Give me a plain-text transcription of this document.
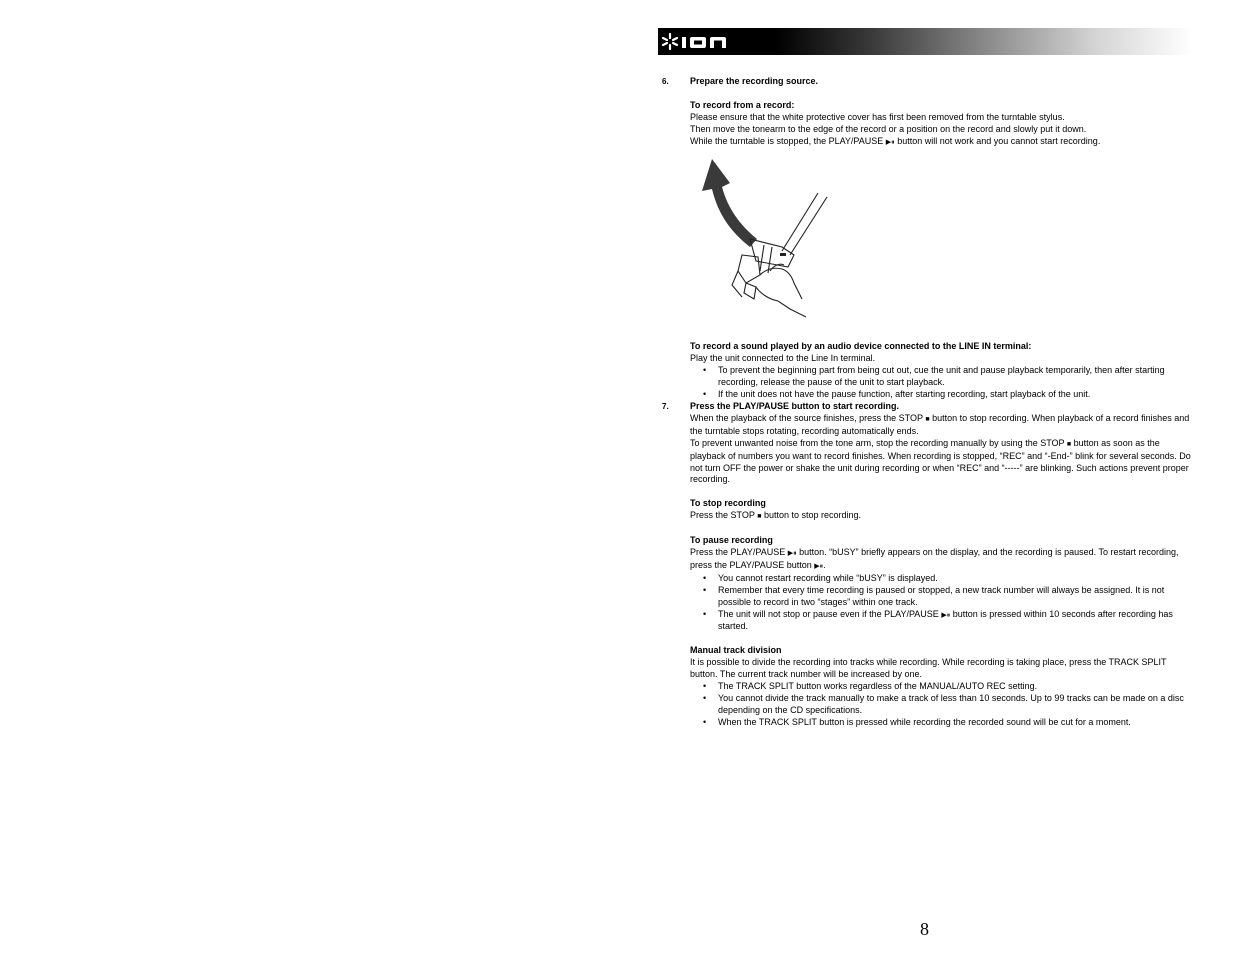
6. Prepare the recording source.
To record from a record:
Please ensure that the white protective cover has first been removed from the turntable stylus.
Then move the tonearm to the edge of the record or a position on the record and slowly put it down.
While the turntable is stopped, the PLAY/PAUSE ▶⏸ button will not work and you cannot start recording.
To record a sound played by an audio device connected to the LINE IN terminal:
Play the unit connected to the Line In terminal.
• To prevent the beginning part from being cut out, cue the unit and pause playback temporarily, then after starting recording, release the pause of the unit to start playback.
• If the unit does not have the pause function, after starting recording, start playback of the unit.
7. Press the PLAY/PAUSE button to start recording.
When the playback of the source finishes, press the STOP ■ button to stop recording. When playback of a record finishes and the turntable stops rotating, recording automatically ends.
To prevent unwanted noise from the tone arm, stop the recording manually by using the STOP ■ button as soon as the playback of numbers you want to record finishes. When recording is stopped, “REC” and “-End-” blink for several seconds. Do not turn OFF the power or shake the unit during recording or when “REC” and “-----” are blinking. Such actions prevent proper recording.
To stop recording
Press the STOP ■ button to stop recording.
To pause recording
Press the PLAY/PAUSE ▶⏸ button. “bUSY” briefly appears on the display, and the recording is paused. To restart recording, press the PLAY/PAUSE button ▶⏸.
• You cannot restart recording while “bUSY” is displayed.
• Remember that every time recording is paused or stopped, a new track number will always be assigned. It is not possible to record in two “stages” within one track.
• The unit will not stop or pause even if the PLAY/PAUSE ▶⏸ button is pressed within 10 seconds after recording has started.
Manual track division
It is possible to divide the recording into tracks while recording. While recording is taking place, press the TRACK SPLIT button. The current track number will be increased by one.
• The TRACK SPLIT button works regardless of the MANUAL/AUTO REC setting.
• You cannot divide the track manually to make a track of less than 10 seconds. Up to 99 tracks can be made on a disc depending on the CD specifications.
• When the TRACK SPLIT button is pressed while recording the recorded sound will be cut for a moment.
8
